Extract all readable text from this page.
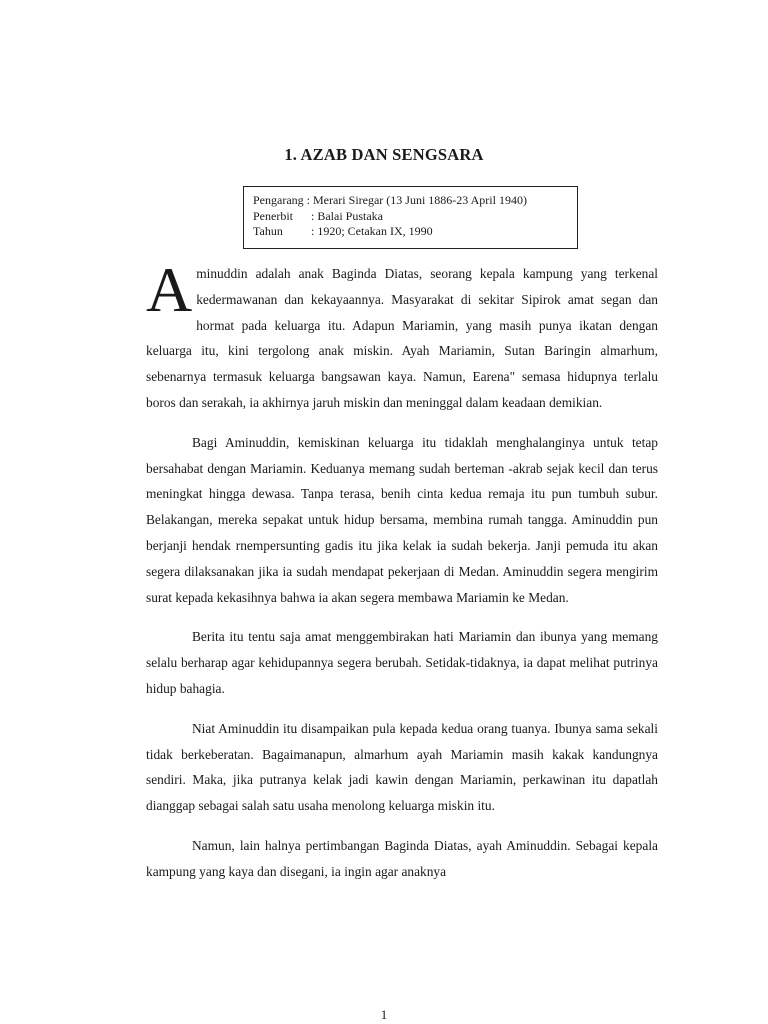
1. AZAB DAN SENGSARA
Pengarang : Merari Siregar (13 Juni 1886-23 April 1940)
Penerbit	: Balai Pustaka
Tahun	: 1920; Cetakan IX, 1990

Aminuddin adalah anak Baginda Diatas, seorang kepala kampung yang terkenal kedermawanan dan kekayaannya. Masyarakat di sekitar Sipirok amat segan dan hormat pada keluarga itu. Adapun Mariamin, yang masih punya ikatan dengan keluarga itu, kini tergolong anak miskin. Ayah Mariamin, Sutan Baringin almarhum, sebenarnya termasuk keluarga bangsawan kaya. Namun, Earena" semasa hidupnya terlalu boros dan serakah, ia akhirnya jaruh miskin dan meninggal dalam keadaan demikian.

Bagi Aminuddin, kemiskinan keluarga itu tidaklah menghalanginya untuk tetap bersahabat dengan Mariamin. Keduanya memang sudah berteman -akrab sejak kecil dan terus meningkat hingga dewasa. Tanpa terasa, benih cinta kedua remaja itu pun tumbuh subur. Belakangan, mereka sepakat untuk hidup bersama, membina rumah tangga. Aminuddin pun berjanji hendak rnempersunting gadis itu jika kelak ia sudah bekerja. Janji pemuda itu akan segera dilaksanakan jika ia sudah mendapat pekerjaan di Medan. Aminuddin segera mengirim surat kepada kekasihnya bahwa ia akan segera membawa Mariamin ke Medan.

Berita itu tentu saja amat menggembirakan hati Mariamin dan ibunya yang memang selalu berharap agar kehidupannya segera berubah. Setidak-tidaknya, ia dapat melihat putrinya hidup bahagia.

Niat Aminuddin itu disampaikan pula kepada kedua orang tuanya. Ibunya sama sekali tidak berkeberatan. Bagaimanapun, almarhum ayah Mariamin masih kakak kandungnya sendiri. Maka, jika putranya kelak jadi kawin dengan Mariamin, perkawinan itu dapatlah dianggap sebagai salah satu usaha menolong keluarga miskin itu.

Namun, lain halnya pertimbangan Baginda Diatas, ayah Aminuddin. Sebagai kepala kampung yang kaya dan disegani, ia ingin agar anaknya

1
